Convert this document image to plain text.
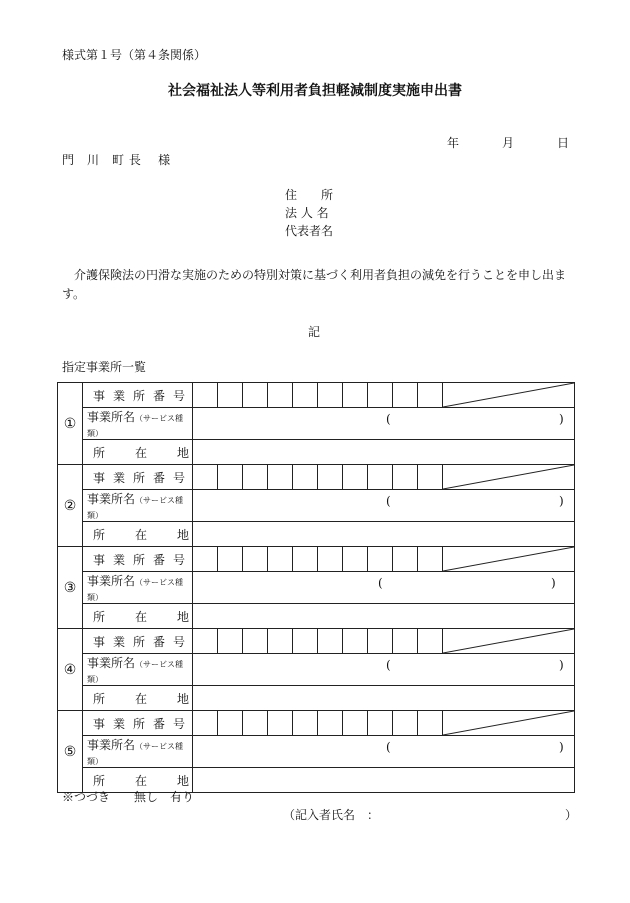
様式第１号（第４条関係）
社会福祉法人等利用者負担軽減制度実施申出書
年	月	日
門　川　町 長　 様
住　　所
法 人 名
代表者名
介護保険法の円滑な実施のための特別対策に基づく利用者負担の減免を行うことを申し出ます。
記
指定事業所一覧
①	事 業 所 番 号

	事業所名（サービス種類）	( )										

	所 在 地											

②	事 業 所 番 号

	事業所名（サービス種類）	( )										

	所 在 地											

③	事 業 所 番 号

	事業所名（サービス種類）	( )										

	所 在 地											

④	事 業 所 番 号

	事業所名（サービス種類）	( )										

	所 在 地											

⑤	事 業 所 番 号

	事業所名（サービス種類）	( )										

	所 在 地											

※つづき　　無し　有り
（記入者氏名　：　　　　　　　　　　　　　　　　）
